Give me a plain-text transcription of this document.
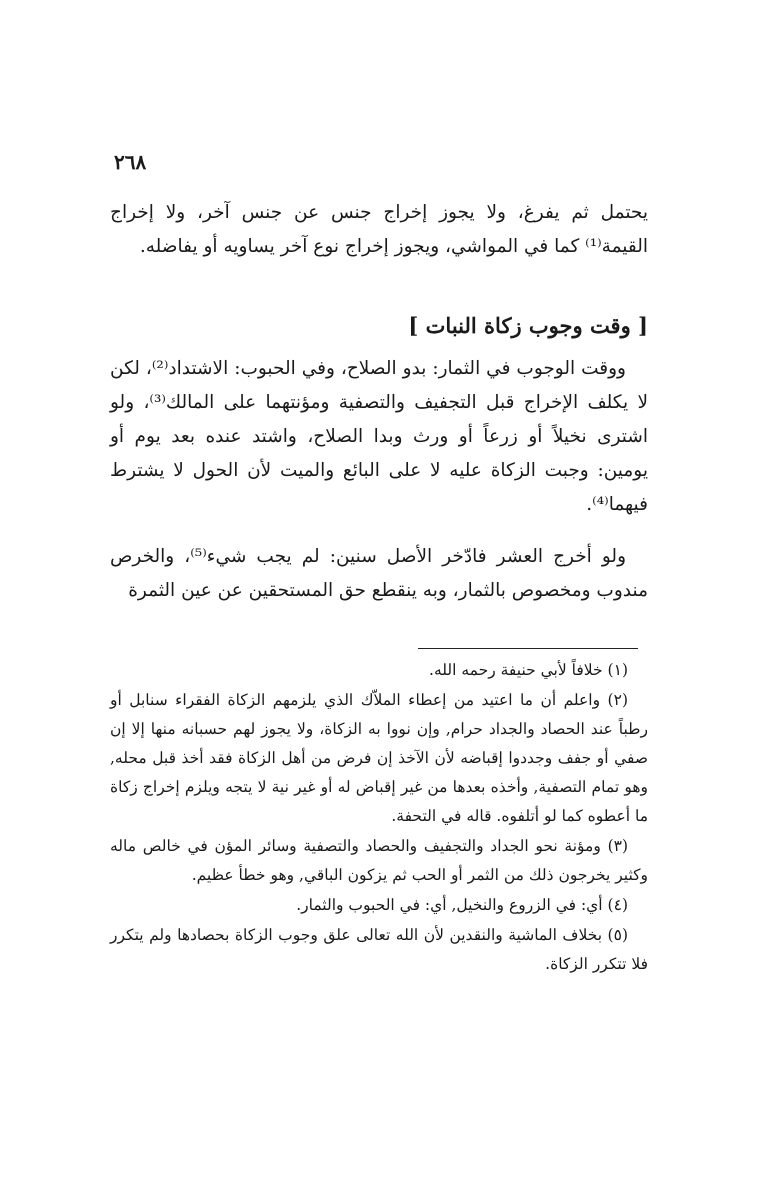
٢٦٨

يحتمل ثم يفرغ، ولا يجوز إخراج جنس عن جنس آخر، ولا إخراج القيمة⁽¹⁾ كما في المواشي، ويجوز إخراج نوع آخر يساويه أو يفاضله.

[ وقت وجوب زكاة النبات ]

ووقت الوجوب في الثمار: بدو الصلاح، وفي الحبوب: الاشتداد⁽²⁾، لكن لا يكلف الإخراج قبل التجفيف والتصفية ومؤنتهما على المالك⁽³⁾، ولو اشترى نخيلاً أو زرعاً أو ورث وبدا الصلاح، واشتد عنده بعد يوم أو يومين: وجبت الزكاة عليه لا على البائع والميت لأن الحول لا يشترط فيهما⁽⁴⁾.

ولو أخرج العشر فادّخر الأصل سنين: لم يجب شيء⁽⁵⁾، والخرص مندوب ومخصوص بالثمار، وبه ينقطع حق المستحقين عن عين الثمرة

(١) خلافاً لأبي حنيفة رحمه الله.

(٢) واعلم أن ما اعتيد من إعطاء الملاّك الذي يلزمهم الزكاة الفقراء سنابل أو رطباً عند الحصاد والجداد حرام, وإن نووا به الزكاة، ولا يجوز لهم حسبانه منها إلا إن صفي أو جفف وجددوا إقباضه لأن الآخذ إن فرض من أهل الزكاة فقد أخذ قبل محله, وهو تمام التصفية, وأخذه بعدها من غير إقباض له أو غير نية لا يتجه ويلزم إخراج زكاة ما أعطوه كما لو أتلفوه. قاله في التحفة.

(٣) ومؤنة نحو الجداد والتجفيف والحصاد والتصفية وسائر المؤن في خالص ماله وكثير يخرجون ذلك من الثمر أو الحب ثم يزكون الباقي, وهو خطأ عظيم.

(٤) أي: في الزروع والنخيل, أي: في الحبوب والثمار.

(٥) بخلاف الماشية والنقدين لأن الله تعالى علق وجوب الزكاة بحصادها ولم يتكرر فلا تتكرر الزكاة.
